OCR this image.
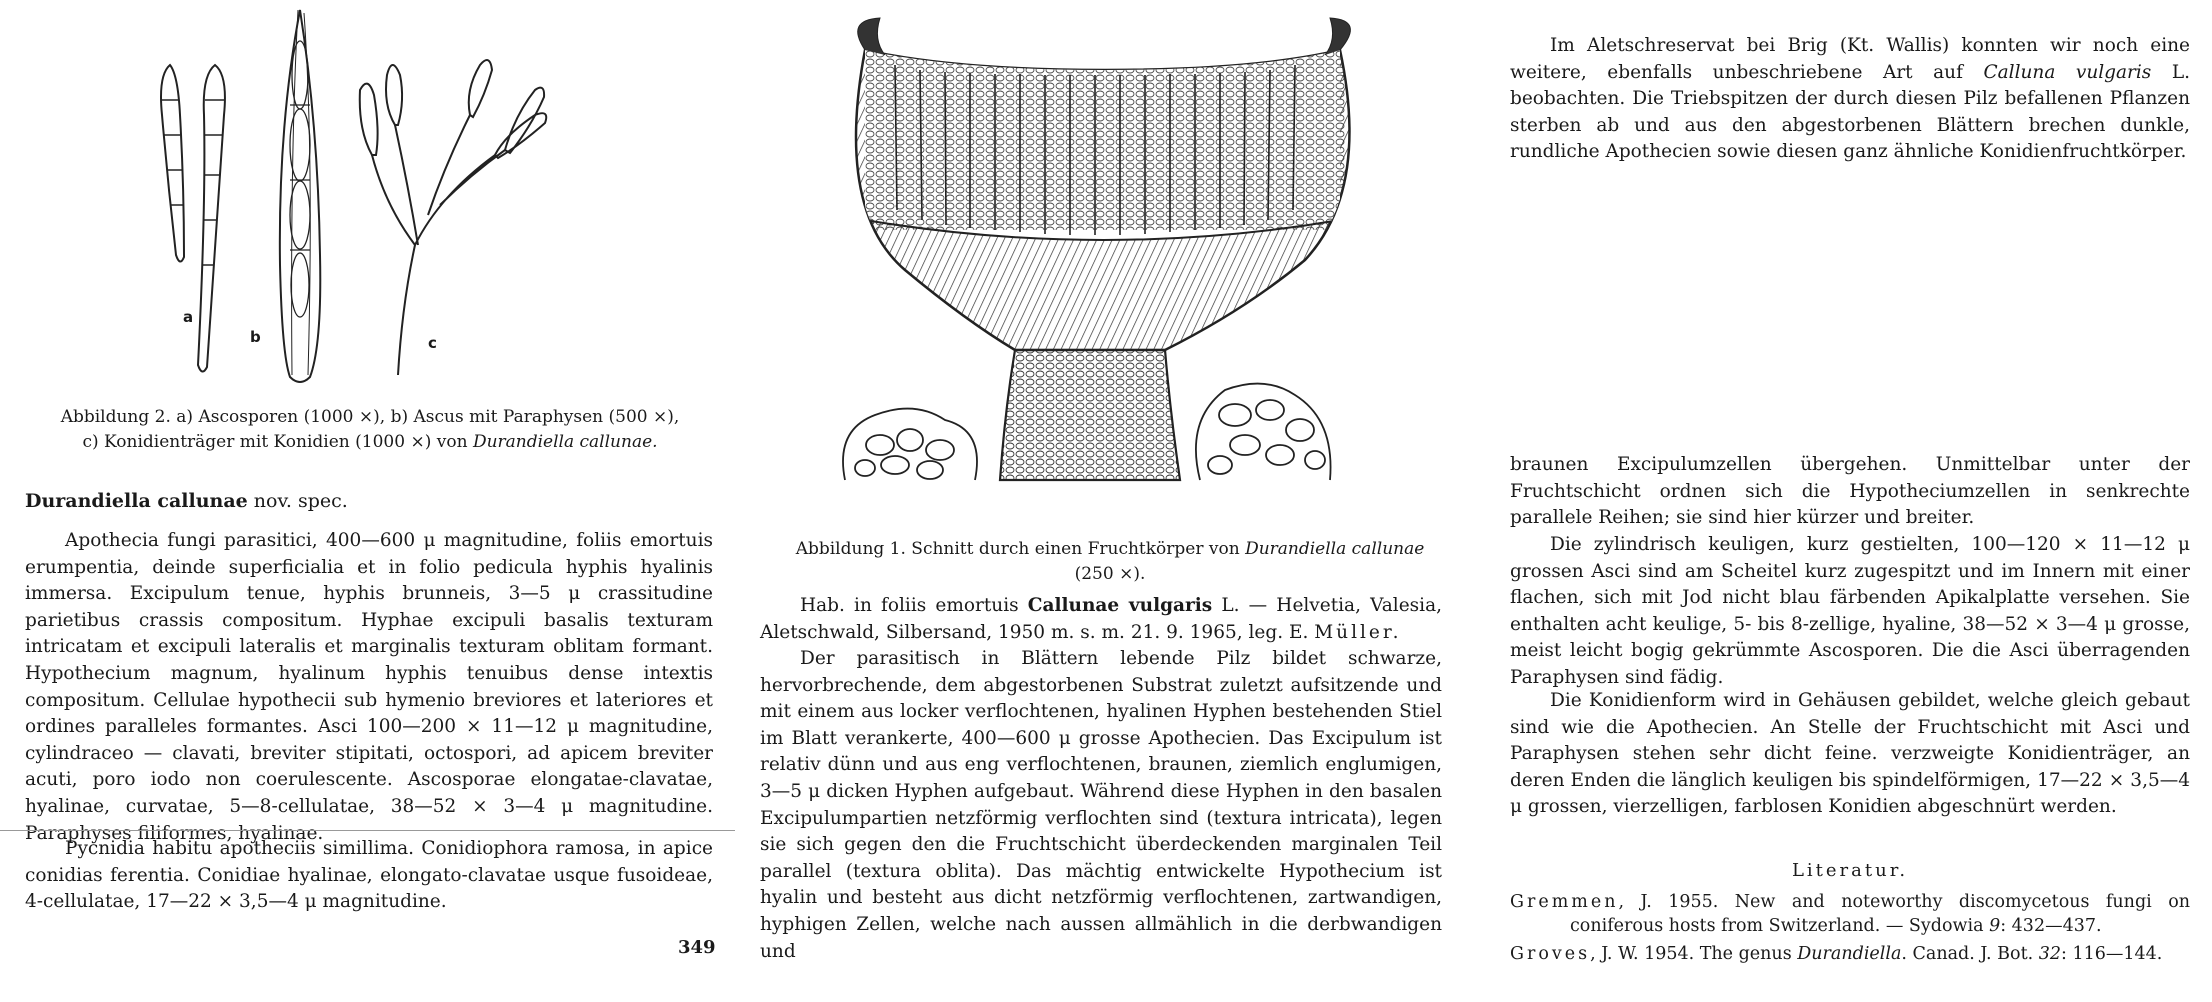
a
b	c
Abbildung 2. a) Ascosporen (1000 ×), b) Ascus mit Paraphysen (500 ×),
c) Konidienträger mit Konidien (1000 ×) von Durandiella callunae.
Durandiella callunae nov. spec.

Apothecia fungi parasitici, 400—600 μ magnitudine, foliis emortuis erumpentia, deinde superficialia et in folio pedicula hyphis hyalinis immersa. Excipulum tenue, hyphis brunneis, 3—5 μ crassitudine parietibus crassis compositum. Hyphae excipuli basalis texturam intricatam et excipuli lateralis et marginalis texturam oblitam formant. Hypothecium magnum, hyalinum hyphis tenuibus dense intextis compositum. Cellulae hypothecii sub hymenio breviores et lateriores et ordines paralleles formantes. Asci 100—200 × 11—12 μ magnitudine, cylindraceo — clavati, breviter stipitati, octospori, ad apicem breviter acuti, poro iodo non coerulescente. Ascosporae elongatae-clavatae, hyalinae, curvatae, 5—8-cellulatae, 38—52 × 3—4 μ magnitudine. Paraphyses filiformes, hyalinae.

Pycnidia habitu apotheciis simillima. Conidiophora ramosa, in apice conidias ferentia. Conidiae hyalinae, elongato-clavatae usque fusoideae, 4-cellulatae, 17—22 × 3,5—4 μ magnitudine.

349
Abbildung 1. Schnitt durch einen Fruchtkörper von Durandiella callunae
(250 ×).

Hab. in foliis emortuis Callunae vulgaris L. — Helvetia, Valesia, Aletschwald, Silbersand, 1950 m. s. m. 21. 9. 1965, leg. E. Müller.

Der parasitisch in Blättern lebende Pilz bildet schwarze, hervorbrechende, dem abgestorbenen Substrat zuletzt aufsitzende und mit einem aus locker verflochtenen, hyalinen Hyphen bestehenden Stiel im Blatt verankerte, 400—600 μ grosse Apothecien. Das Excipulum ist relativ dünn und aus eng verflochtenen, braunen, ziemlich englumigen, 3—5 μ dicken Hyphen aufgebaut. Während diese Hyphen in den basalen Excipulumpartien netzförmig verflochten sind (textura intricata), legen sie sich gegen den die Fruchtschicht überdeckenden marginalen Teil parallel (textura oblita). Das mächtig entwickelte Hypothecium ist hyalin und besteht aus dicht netzförmig verflochtenen, zartwandigen, hyphigen Zellen, welche nach aussen allmählich in die derbwandigen und

Im Aletschreservat bei Brig (Kt. Wallis) konnten wir noch eine weitere, ebenfalls unbeschriebene Art auf Calluna vulgaris L. beobachten. Die Triebspitzen der durch diesen Pilz befallenen Pflanzen sterben ab und aus den abgestorbenen Blättern brechen dunkle, rundliche Apothecien sowie diesen ganz ähnliche Konidienfruchtkörper.

braunen Excipulumzellen übergehen. Unmittelbar unter der Fruchtschicht ordnen sich die Hypotheciumzellen in senkrechte parallele Reihen; sie sind hier kürzer und breiter.

Die zylindrisch keuligen, kurz gestielten, 100—120 × 11—12 μ grossen Asci sind am Scheitel kurz zugespitzt und im Innern mit einer flachen, sich mit Jod nicht blau färbenden Apikalplatte versehen. Sie enthalten acht keulige, 5- bis 8-zellige, hyaline, 38—52 × 3—4 μ grosse, meist leicht bogig gekrümmte Ascosporen. Die die Asci überragenden Paraphysen sind fädig.

Die Konidienform wird in Gehäusen gebildet, welche gleich gebaut sind wie die Apothecien. An Stelle der Fruchtschicht mit Asci und Paraphysen stehen sehr dicht feine. verzweigte Konidienträger, an deren Enden die länglich keuligen bis spindelförmigen, 17—22 × 3,5—4 μ grossen, vierzelligen, farblosen Konidien abgeschnürt werden.

Literatur.

Gremmen, J. 1955. New and noteworthy discomycetous fungi on coniferous hosts from Switzerland. — Sydowia 9: 432—437.

Groves, J. W. 1954. The genus Durandiella. Canad. J. Bot. 32: 116—144.
